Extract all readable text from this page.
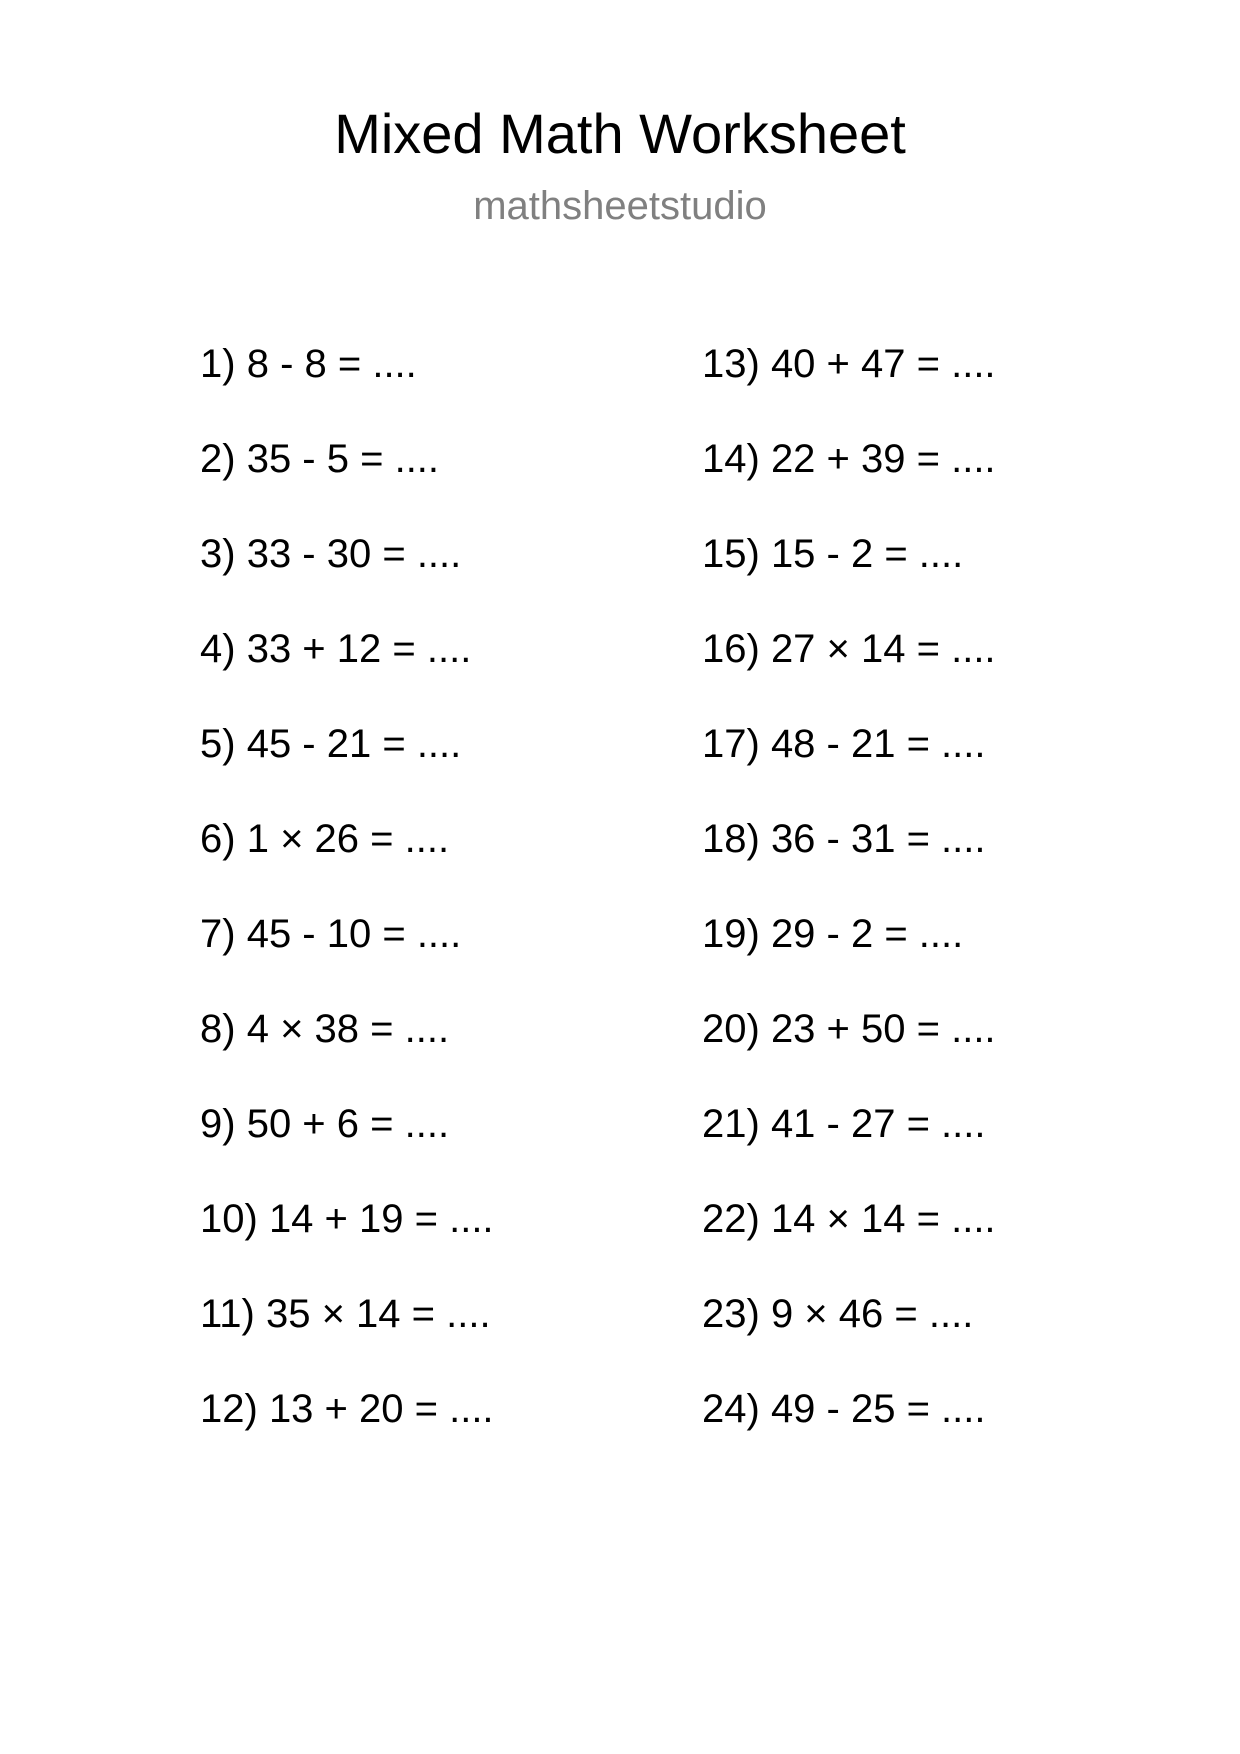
Mixed Math Worksheet
mathsheetstudio
1) 8 - 8 = ....
2) 35 - 5 = ....
3) 33 - 30 = ....
4) 33 + 12 = ....
5) 45 - 21 = ....
6) 1 × 26 = ....
7) 45 - 10 = ....
8) 4 × 38 = ....
9) 50 + 6 = ....
10) 14 + 19 = ....
11) 35 × 14 = ....
12) 13 + 20 = ....
13) 40 + 47 = ....
14) 22 + 39 = ....
15) 15 - 2 = ....
16) 27 × 14 = ....
17) 48 - 21 = ....
18) 36 - 31 = ....
19) 29 - 2 = ....
20) 23 + 50 = ....
21) 41 - 27 = ....
22) 14 × 14 = ....
23) 9 × 46 = ....
24) 49 - 25 = ....
